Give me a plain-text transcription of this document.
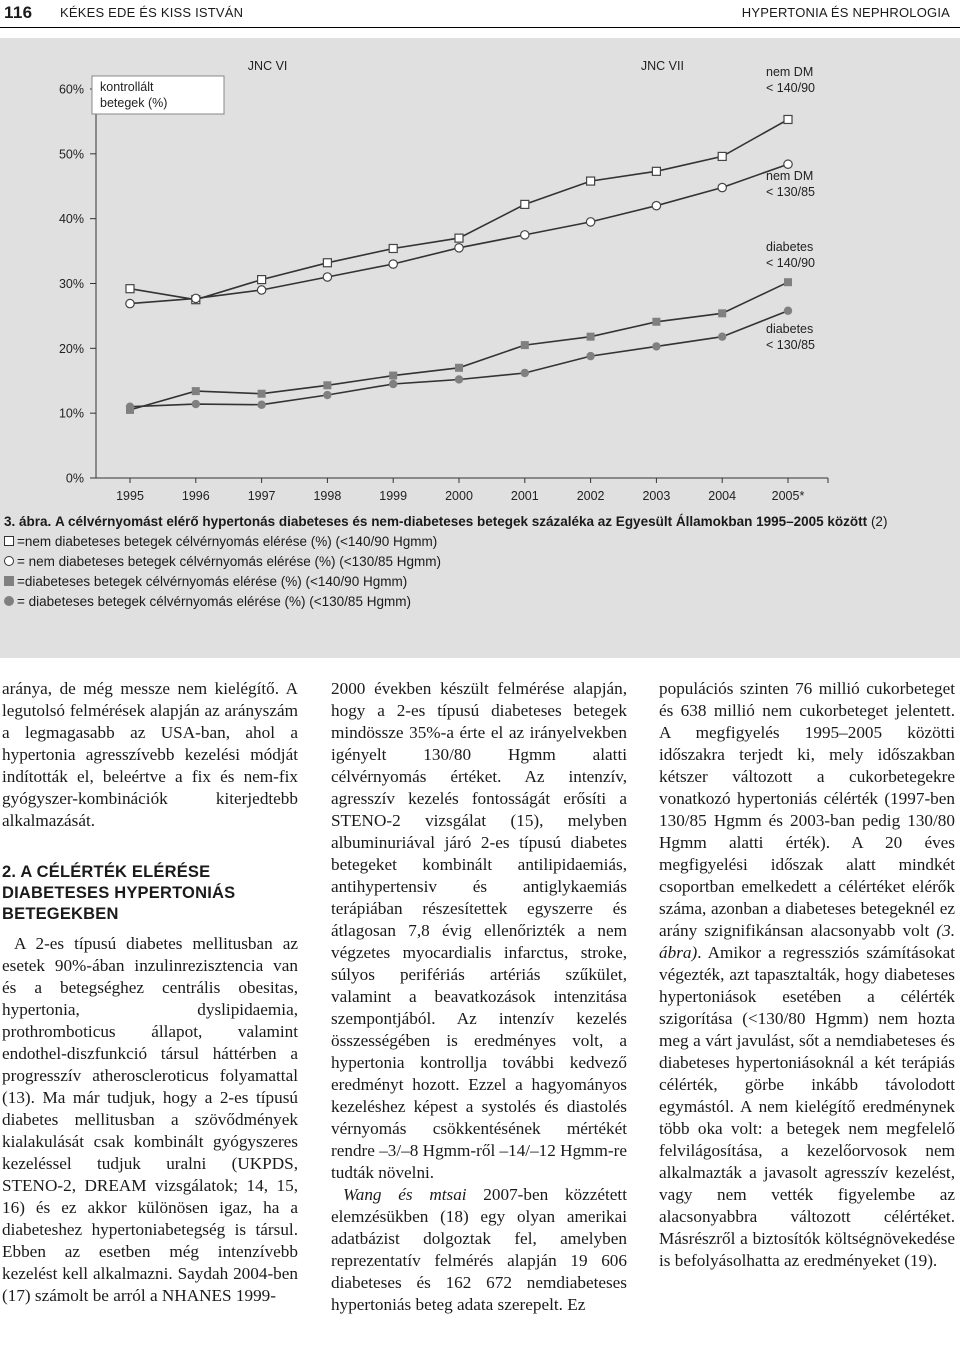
116 KÉKES EDE ÉS KISS ISTVÁN	HYPERTONIA ÉS NEPHROLOGIA
0%
10%
20%
30%
40%
50%
60%
1995	1996	1997	1998	1999	2000	2001	2002	2003	2004	2005*
kontrollált
betegek (%)
JNC VI	JNC VII	nem DM
< 140/90
nem DM
< 130/85
diabetes
< 140/90
diabetes
< 130/85
3. ábra. A célvérnyomást elérő hypertonás diabeteses és nem-diabeteses betegek százaléka az Egyesült Államokban 1995–2005 között (2)
=nem diabeteses betegek célvérnyomás elérése (%) (<140/90 Hgmm)
= nem diabeteses betegek célvérnyomás elérése (%) (<130/85 Hgmm)
=diabeteses betegek célvérnyomás elérése (%) (<140/90 Hgmm)
= diabeteses betegek célvérnyomás elérése (%) (<130/85 Hgmm)

aránya, de még messze nem kielégítő. A legutolsó felmérések alapján az arányszám a legmagasabb az USA-ban, ahol a hypertonia agresszívebb kezelési módját indították el, beleértve a fix és nem-fix gyógyszer-kombinációk kiterjedtebb alkalmazását.

2. A CÉLÉRTÉK ELÉRÉSE DIABETESES HYPERTONIÁS BETEGEKBEN

A 2-es típusú diabetes mellitusban az esetek 90%-ában inzulinrezisztencia van és a betegséghez centrális obesitas, hypertonia, dyslipidaemia, prothromboticus állapot, valamint endothel-diszfunkció társul háttérben a progresszív atheroscleroticus folyamattal (13). Ma már tudjuk, hogy a 2-es típusú diabetes mellitusban a szövődmények kialakulását csak kombinált gyógyszeres kezeléssel tudjuk uralni (UKPDS, STENO-2, DREAM vizsgálatok; 14, 15, 16) és ez akkor különösen igaz, ha a diabeteshez hypertoniabetegség is társul. Ebben az esetben még intenzívebb kezelést kell alkalmazni. Saydah 2004-ben (17) számolt be arról a NHANES 1999-

2000 években készült felmérése alapján, hogy a 2-es típusú diabeteses betegek mindössze 35%-a érte el az irányelvekben igényelt 130/80 Hgmm alatti célvérnyomás értéket. Az intenzív, agresszív kezelés fontosságát erősíti a STENO-2 vizsgálat (15), melyben albuminuriával járó 2-es típusú diabetes betegeket kombinált antilipidaemiás, antihypertensiv és antiglykaemiás terápiában részesítettek egyszerre és átlagosan 7,8 évig ellenőrizték a nem végzetes myocardialis infarctus, stroke, súlyos perifériás artériás szűkület, valamint a beavatkozások intenzitása szempontjából. Az intenzív kezelés összességében is eredményes volt, a hypertonia kontrollja további kedvező eredményt hozott. Ezzel a hagyományos kezeléshez képest a systolés és diastolés vérnyomás csökkentésének mértékét rendre –3/–8 Hgmm-ről –14/–12 Hgmm-re tudták növelni.

Wang és mtsai 2007-ben közzétett elemzésükben (18) egy olyan amerikai adatbázist dolgoztak fel, amelyben reprezentatív felmérés alapján 19 606 diabeteses és 162 672 nemdiabeteses hypertoniás beteg adata szerepelt. Ez

populációs szinten 76 millió cukorbeteget és 638 millió nem cukorbeteget jelentett. A megfigyelés 1995–2005 közötti időszakra terjedt ki, mely időszakban kétszer változott a cukorbetegekre vonatkozó hypertoniás célérték (1997-ben 130/85 Hgmm és 2003-ban pedig 130/80 Hgmm alatti érték). A 20 éves megfigyelési időszak alatt mindkét csoportban emelkedett a célértéket elérők száma, azonban a diabeteses betegeknél ez arány szignifikánsan alacsonyabb volt (3. ábra). Amikor a regressziós számításokat végezték, azt tapasztalták, hogy diabeteses hypertoniások esetében a célérték szigorítása (<130/80 Hgmm) nem hozta meg a várt javulást, sőt a nemdiabeteses és diabeteses hypertoniásoknál a két terápiás célérték, görbe inkább távolodott egymástól. A nem kielégítő eredménynek több oka volt: a betegek nem megfelelő felvilágosítása, a kezelőorvosok nem alkalmazták a javasolt agresszív kezelést, vagy nem vették figyelembe az alacsonyabbra változott célértéket. Másrészről a biztosítók költségnövekedése is befolyásolhatta az eredményeket (19).
